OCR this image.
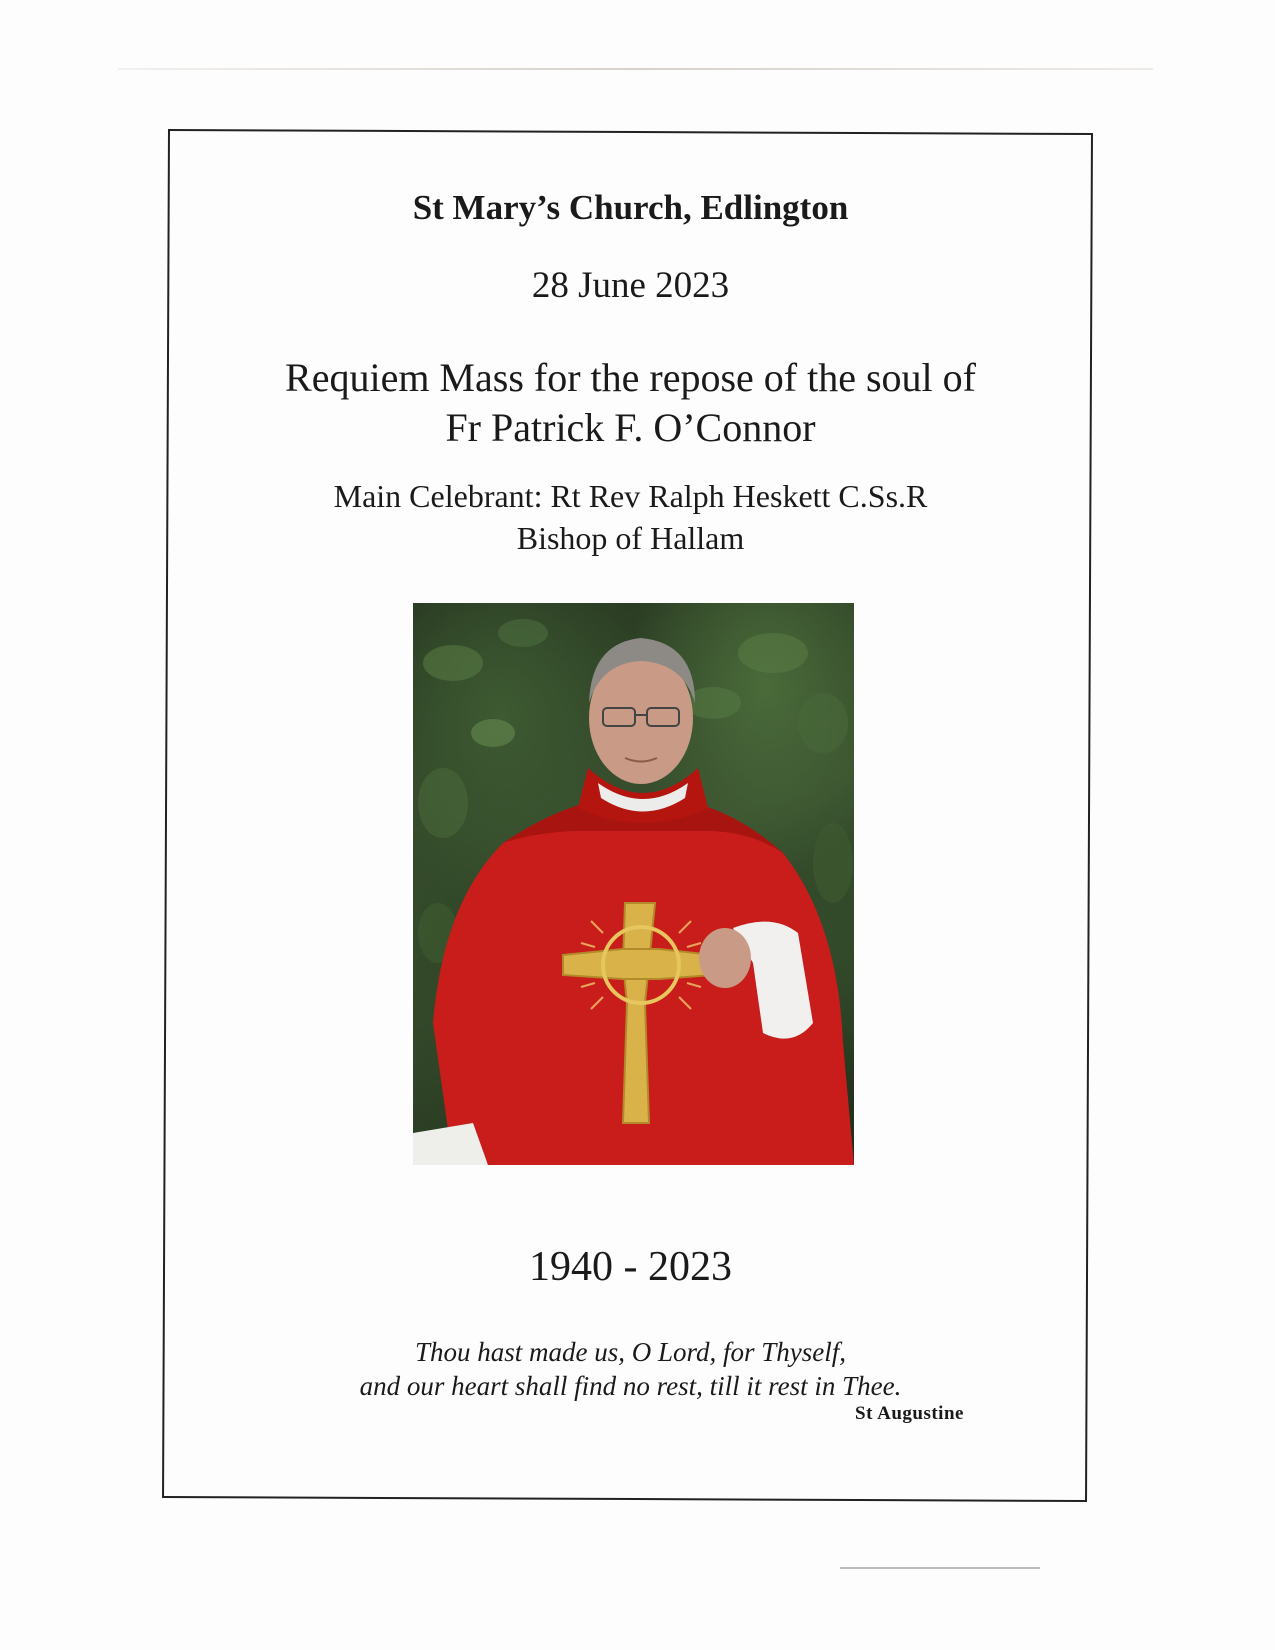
St Mary’s Church, Edlington
28 June 2023
Requiem Mass for the repose of the soul of
Fr Patrick F. O’Connor
Main Celebrant: Rt Rev Ralph Heskett C.Ss.R
Bishop of Hallam
1940 - 2023
Thou hast made us, O Lord, for Thyself,
and our heart shall find no rest, till it rest in Thee.
St Augustine
